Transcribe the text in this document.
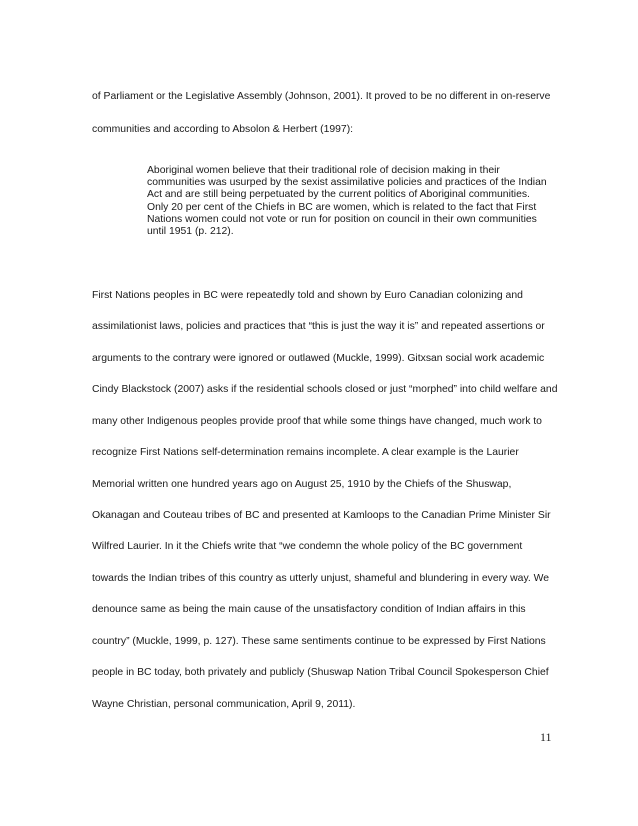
of Parliament or the Legislative Assembly (Johnson, 2001). It proved to be no different in on-reserve
communities and according to Absolon & Herbert (1997):
Aboriginal women believe that their traditional role of decision making in their
communities was usurped by the sexist assimilative policies and practices of the Indian
Act and are still being perpetuated by the current politics of Aboriginal communities.
Only 20 per cent of the Chiefs in BC are women, which is related to the fact that First
Nations women could not vote or run for position on council in their own communities
until 1951 (p. 212).
First Nations peoples in BC were repeatedly told and shown by Euro Canadian colonizing and
assimilationist laws, policies and practices that “this is just the way it is” and repeated assertions or
arguments to the contrary were ignored or outlawed (Muckle, 1999). Gitxsan social work academic
Cindy Blackstock (2007) asks if the residential schools closed or just “morphed” into child welfare and
many other Indigenous peoples provide proof that while some things have changed, much work to
recognize First Nations self-determination remains incomplete. A clear example is the Laurier
Memorial written one hundred years ago on August 25, 1910 by the Chiefs of the Shuswap,
Okanagan and Couteau tribes of BC and presented at Kamloops to the Canadian Prime Minister Sir
Wilfred Laurier. In it the Chiefs write that “we condemn the whole policy of the BC government
towards the Indian tribes of this country as utterly unjust, shameful and blundering in every way. We
denounce same as being the main cause of the unsatisfactory condition of Indian affairs in this
country” (Muckle, 1999, p. 127). These same sentiments continue to be expressed by First Nations
people in BC today, both privately and publicly (Shuswap Nation Tribal Council Spokesperson Chief
Wayne Christian, personal communication, April 9, 2011).
11
